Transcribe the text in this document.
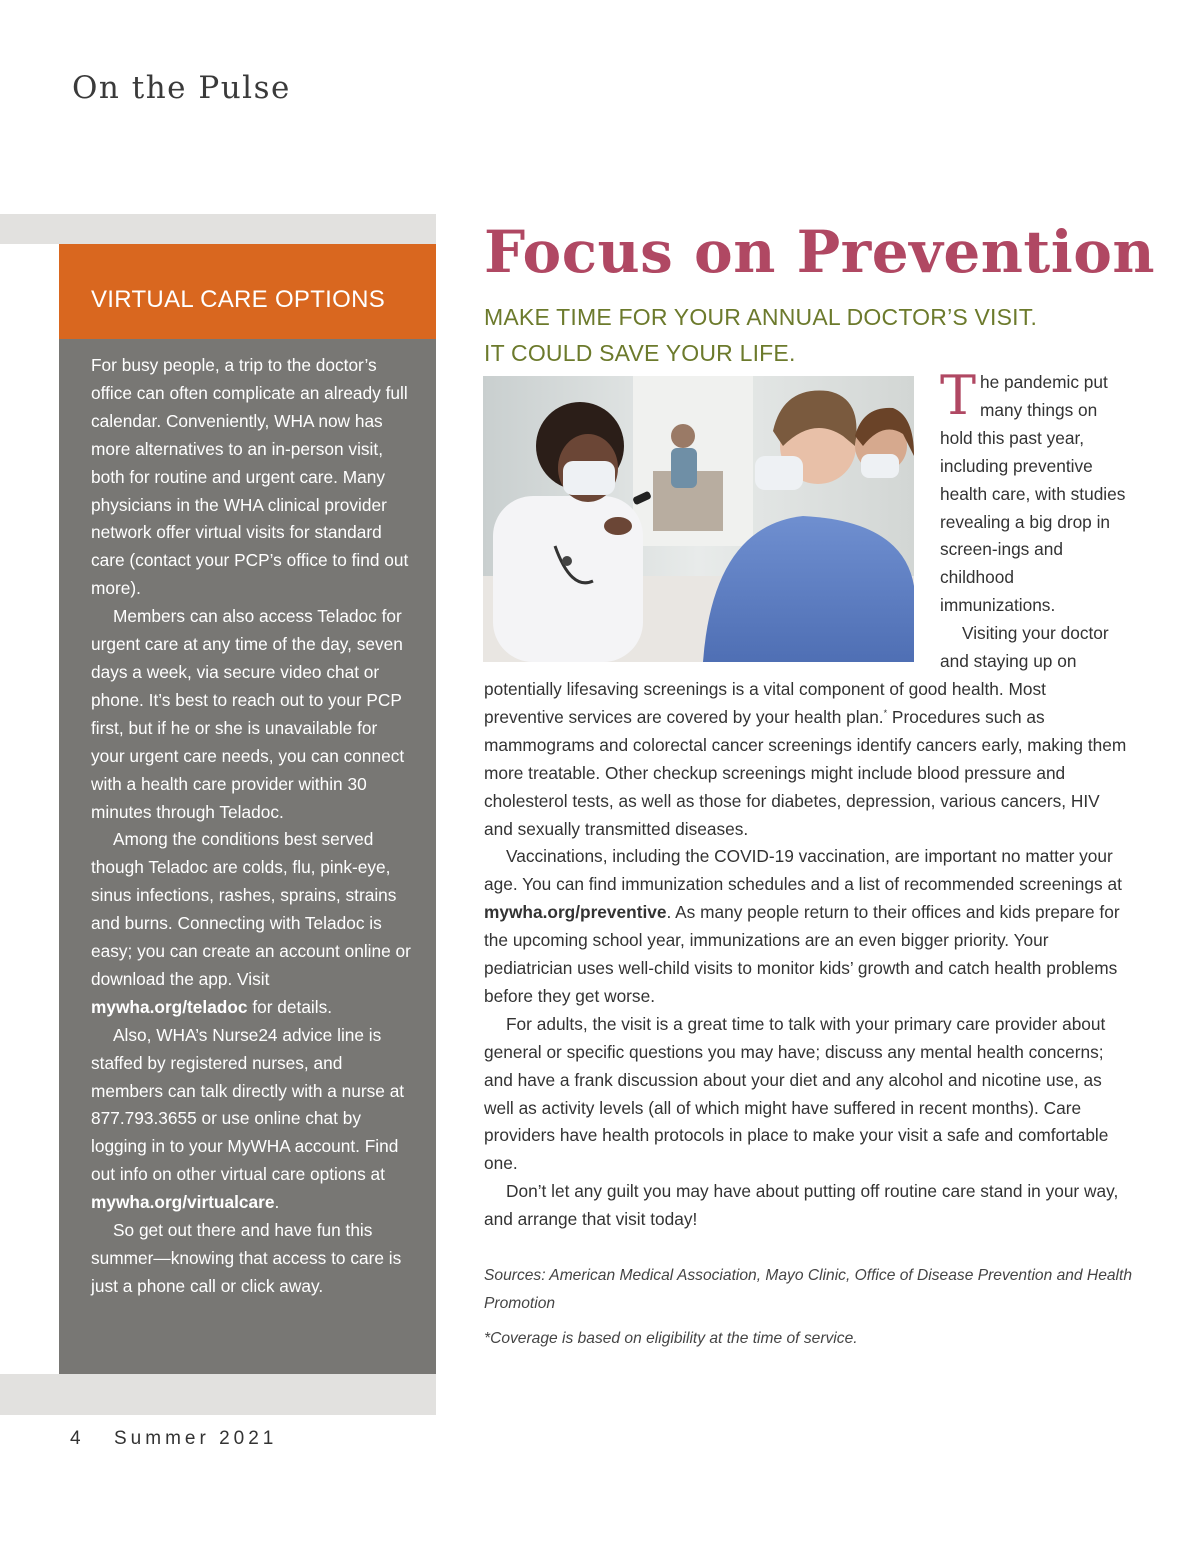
On the Pulse
VIRTUAL CARE OPTIONS

For busy people, a trip to the doctor’s office can often complicate an already full calendar. Conveniently, WHA now has more alternatives to an in-person visit, both for routine and urgent care. Many physicians in the WHA clinical provider network offer virtual visits for standard care (contact your PCP’s office to find out more).

Members can also access Teladoc for urgent care at any time of the day, seven days a week, via secure video chat or phone. It’s best to reach out to your PCP first, but if he or she is unavailable for your urgent care needs, you can connect with a health care provider within 30 minutes through Teladoc.

Among the conditions best served though Teladoc are colds, flu, pink-eye, sinus infections, rashes, sprains, strains and burns. Connecting with Teladoc is easy; you can create an account online or download the app. Visit mywha.org/teladoc for details.

Also, WHA’s Nurse24 advice line is staffed by registered nurses, and members can talk directly with a nurse at 877.793.3655 or use online chat by logging in to your MyWHA account. Find out info on other virtual care options at mywha.org/virtualcare.

So get out there and have fun this summer—knowing that access to care is just a phone call or click away.

Focus on Prevention
MAKE TIME FOR YOUR ANNUAL DOCTOR’S VISIT.
IT COULD SAVE YOUR LIFE.

The pandemic put many things on hold this past year, including preventive health care, with studies revealing a big drop in screen-ings and childhood immunizations.

Visiting your doctor and staying up on potentially lifesaving screenings is a vital component of good health. Most preventive services are covered by your health plan.* Procedures such as mammograms and colorectal cancer screenings identify cancers early, making them more treatable. Other checkup screenings might include blood pressure and cholesterol tests, as well as those for diabetes, depression, various cancers, HIV and sexually transmitted diseases.

Vaccinations, including the COVID-19 vaccination, are important no matter your age. You can find immunization schedules and a list of recommended screenings at mywha.org/preventive. As many people return to their offices and kids prepare for the upcoming school year, immunizations are an even bigger priority. Your pediatrician uses well-child visits to monitor kids’ growth and catch health problems before they get worse.

For adults, the visit is a great time to talk with your primary care provider about general or specific questions you may have; discuss any mental health concerns; and have a frank discussion about your diet and any alcohol and nicotine use, as well as activity levels (all of which might have suffered in recent months). Care providers have health protocols in place to make your visit a safe and comfortable one.

Don’t let any guilt you may have about putting off routine care stand in your way, and arrange that visit today!

Sources: American Medical Association, Mayo Clinic, Office of Disease Prevention and Health Promotion
*Coverage is based on eligibility at the time of service.
4 Summer 2021
